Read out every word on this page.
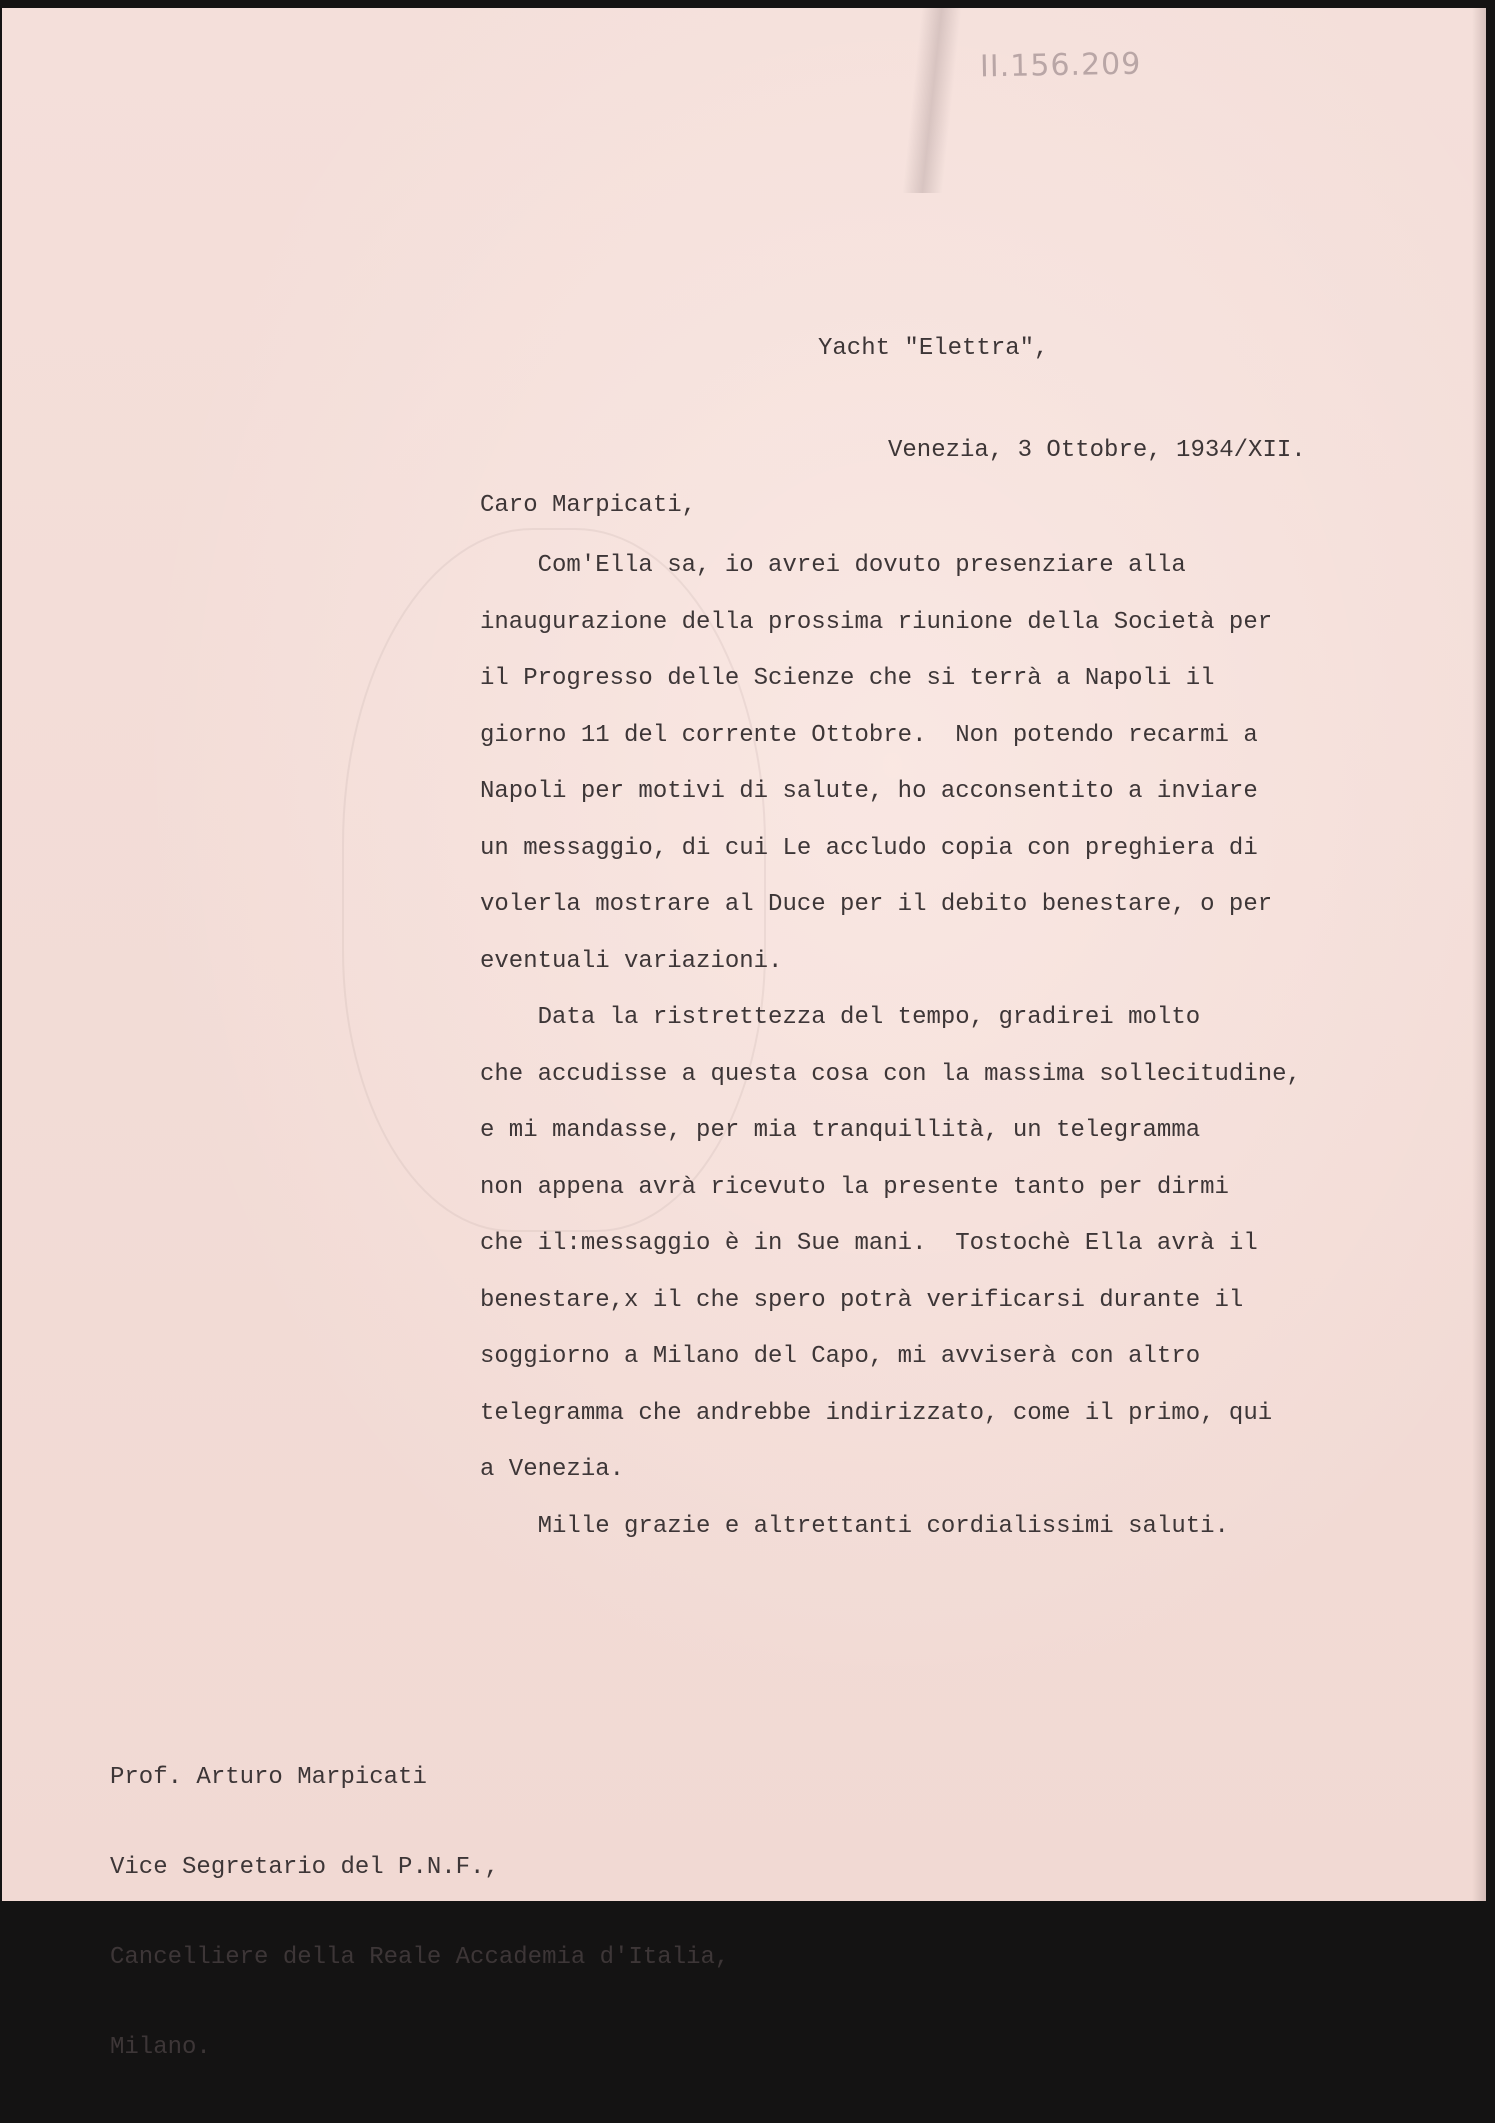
II.156.209

Yacht "Elettra",

Venezia, 3 Ottobre, 1934/XII.

Caro Marpicati,

Com'Ella sa, io avrei dovuto presenziare alla

inaugurazione della prossima riunione della Società per

il Progresso delle Scienze che si terrà a Napoli il

giorno 11 del corrente Ottobre.  Non potendo recarmi a

Napoli per motivi di salute, ho acconsentito a inviare

un messaggio, di cui Le accludo copia con preghiera di

volerla mostrare al Duce per il debito benestare, o per

eventuali variazioni.

Data la ristrettezza del tempo, gradirei molto

che accudisse a questa cosa con la massima sollecitudine,

e mi mandasse, per mia tranquillità, un telegramma

non appena avrà ricevuto la presente tanto per dirmi

che il:messaggio è in Sue mani.  Tostochè Ella avrà il

benestare,x il che spero potrà verificarsi durante il

soggiorno a Milano del Capo, mi avviserà con altro

telegramma che andrebbe indirizzato, come il primo, qui

a Venezia.

Mille grazie e altrettanti cordialissimi saluti.

Prof. Arturo Marpicati

Vice Segretario del P.N.F.,

Cancelliere della Reale Accademia d'Italia,

Milano.
